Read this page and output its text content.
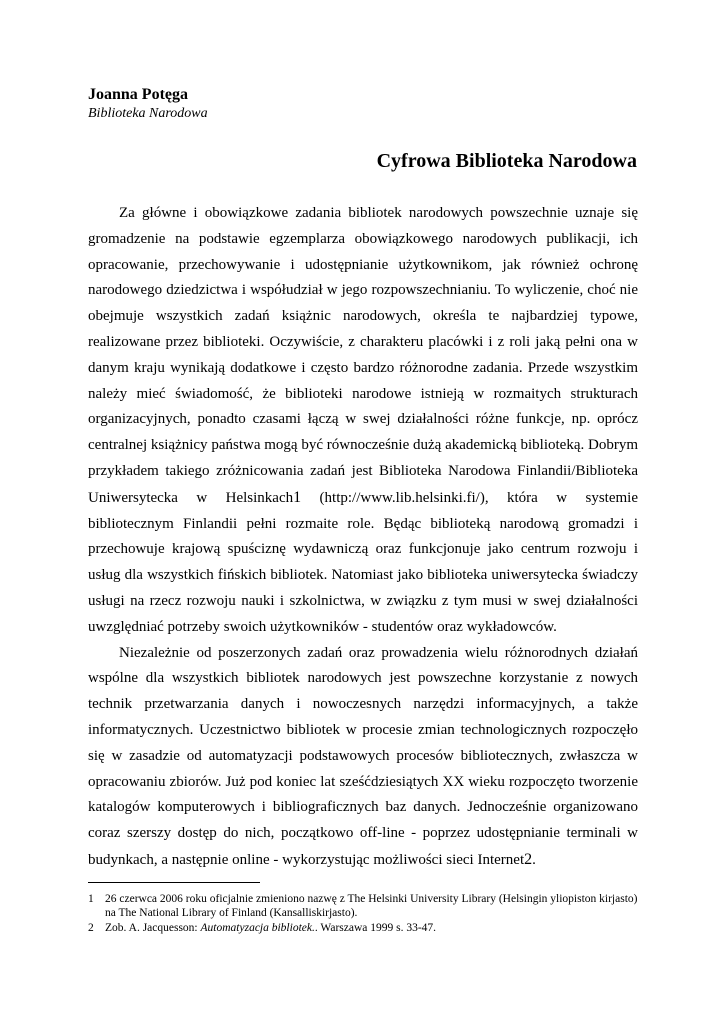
Joanna Potęga
Biblioteka Narodowa
Cyfrowa Biblioteka Narodowa

Za główne i obowiązkowe zadania bibliotek narodowych powszechnie uznaje się gromadzenie na podstawie egzemplarza obowiązkowego narodowych publikacji, ich opracowanie, przechowywanie i udostępnianie użytkownikom, jak również ochronę narodowego dziedzictwa i współudział w jego rozpowszechnianiu. To wyliczenie, choć nie obejmuje wszystkich zadań książnic narodowych, określa te najbardziej typowe, realizowane przez biblioteki. Oczywiście, z charakteru placówki i z roli jaką pełni ona w danym kraju wynikają dodatkowe i często bardzo różnorodne zadania. Przede wszystkim należy mieć świadomość, że biblioteki narodowe istnieją w rozmaitych strukturach organizacyjnych, ponadto czasami łączą w swej działalności różne funkcje, np. oprócz centralnej książnicy państwa mogą być równocześnie dużą akademicką biblioteką. Dobrym przykładem takiego zróżnicowania zadań jest Biblioteka Narodowa Finlandii/Biblioteka Uniwersytecka w Helsinkach1 (http://www.lib.helsinki.fi/), która w systemie bibliotecznym Finlandii pełni rozmaite role. Będąc biblioteką narodową gromadzi i przechowuje krajową spuściznę wydawniczą oraz funkcjonuje jako centrum rozwoju i usług dla wszystkich fińskich bibliotek. Natomiast jako biblioteka uniwersytecka świadczy usługi na rzecz rozwoju nauki i szkolnictwa, w związku z tym musi w swej działalności uwzględniać potrzeby swoich użytkowników - studentów oraz wykładowców.

Niezależnie od poszerzonych zadań oraz prowadzenia wielu różnorodnych działań wspólne dla wszystkich bibliotek narodowych jest powszechne korzystanie z nowych technik przetwarzania danych i nowoczesnych narzędzi informacyjnych, a także informatycznych. Uczestnictwo bibliotek w procesie zmian technologicznych rozpoczęło się w zasadzie od automatyzacji podstawowych procesów bibliotecznych, zwłaszcza w opracowaniu zbiorów. Już pod koniec lat sześćdziesiątych XX wieku rozpoczęto tworzenie katalogów komputerowych i bibliograficznych baz danych. Jednocześnie organizowano coraz szerszy dostęp do nich, początkowo off-line - poprzez udostępnianie terminali w budynkach, a następnie online - wykorzystując możliwości sieci Internet2.

1 26 czerwca 2006 roku oficjalnie zmieniono nazwę z The Helsinki University Library (Helsingin yliopiston kirjasto) na The National Library of Finland (Kansalliskirjasto).
2 Zob. A. Jacquesson: Automatyzacja bibliotek.. Warszawa 1999 s. 33-47.
